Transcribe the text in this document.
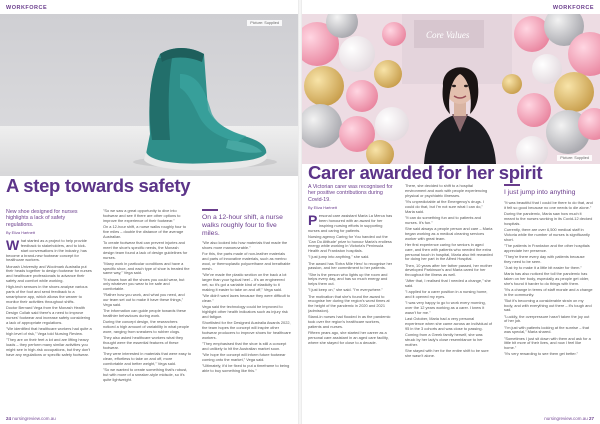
WORKFORCE
Picture: Supplied
A step towards safety

New shoe designed for nurses highlights a lack of safety regulations.

By Eliza Hartnett

What started as a project to help provide feedback to stakeholders, and to kick-start conversations in the industry, has become a brand-new footwear concept for healthcare workers.

Monash University and Woolmark Australia put their heads together to design footwear for nurses and healthcare professionals to advance their safety and comfort while working.

High-tech sensors in the shoes analyse various parts of the foot and send feedback to a smartphone app, which allows the wearer to monitor their activities throughout shifts.

Doctor Bernard Vega from the Monash Health Design Collab said there's a need to improve nurses' footwear and increase safety considering a lack of appropriate regulations.

"We identified that healthcare workers had quite a high level of risk," Vega told Nursing Review.

"They are on their feet a lot and are lifting heavy loads – they perform many similar activities you might see in high-risk occupations, but they don't have any regulations or specific safety footwear.

"So we saw a great opportunity to dive into footwear and see if there are other options to improve the experience of their footwear."

On a 12-hour shift, a nurse walks roughly four to five miles – double the distance of the average Australian.

To create footwear that can prevent injuries and meet the shoe's specific needs, the Monash design team found a lack of design guidelines for nurses.

"Many work in particular conditions and have a specific shoe, and each type of shoe is treated the same way," Vega said.

"It shows how all the shoes you could wear, but only whatever you wear to be safe and comfortable.

"Rather how you work, and what you need, and our team set out to make it have these things," Vega said.

The information can guide people towards these healthier behaviours during work.

During the concept design, the researchers noticed a high amount of variability in what people wore, ranging from sneakers to rubber clogs.

They also asked healthcare workers what they thought were the essential features of these footwear.

They were interested in materials that were easy to clean, effortless to take on and off, more comfortable and better weight," Vega said.

"So we wanted to create something that's robust, but with more of a sneaker-style midsole, so it's quite lightweight.

On a 12-hour shift, a nurse walks roughly four to five miles.

"We also looked into how materials that made the shoes more manoeuvrable."

For this, the parts made of non-leather materials and parts of innovative materials, such as merino wool, or thermoplastic polyurethane and breathable mesh.

"We've made the plastic section on the back a lot larger than your typical heel – it's an engineered net, so it's got a variable kind of elasticity to it making it easier to take on and off," Vega said.

"We didn't want laces because they were difficult to clean."

Vega said the technology could be improved to highlight other health indicators such as injury risk and fatigue.

Shortlisted for the Designed Australia Awards 2022, the team hopes the concept will inspire other footwear producers to improve shoes for healthcare workers.

"They emphasised that the shoe is still a concept and unlikely to hit the Australian market soon.

"We hope the concept will inform future footwear coming onto the market," Vega said.

"Ultimately, it'd be fixed to put a timeframe to being able to buy something like this."

24 nursingreview.com.au
WORKFORCE
Core Values
Picture: Supplied
Carer awarded for her spirit

A Victorian carer was recognised for her positive contributions during Covid-19.

By Eliza Hartnett

Personal care assistant Maria La Merca has been honoured with an award for her inspiring nursing efforts in supporting nurses and caring for patients.

Nursing agency Caring for You handed out the 'Can Do Attitude' prize to honour Maria's endless energy while working in Victoria's Peninsula Health and Frankston hospitals.

"I just jump into anything," she said.

The award has 'Extra Mile Hero' to recognise her passion, and her commitment to her patients.

"She is the person who lights up the room and helps every day, and has so much energy and helps them out.

"I just keep on," she said. "I'm everywhere."

The motivation that she's found the award to recognise her during the region's worst times at the height of the pandemic in 2020 and 2021 (admission).

Stand-in nurses had flooded in as the pandemic took over the region's healthcare workers, patients and nurses.

Fifteen years ago, she started her career as a personal care assistant in an aged care facility, where she stayed for close to a decade.

There, she decided to shift to a hospital environment and work with people experiencing physical or psychiatric illnesses.

"It's unpredictable at the Emergency's drugs. I could do that, but I'm not sure what I can do," Maria said.

"It can do something fun and to patients and nurses. It's fun."

She said always a people person and care – Maria began working as a medical cleaning services worker with great team.

Her first experience caring for seniors in aged care, and then with patients who needed the extra personal touch in hospital, Maria also felt rewarded for doing her part in the Alfred Hospital.

Then, 10 years after her father passed, her mother developed Parkinson's and Maria cared for her throughout the illness as well.

"After that, I realised that I needed a change," she said.

"I applied for a carer position in a nursing home, and it opened my eyes.

"I was very happy to go to work every morning, over the 12 years working as a carer. I knew it wasn't for me."

Last October, Maria had a very personal experience when she came across an individual of 95 in the 3 cohorts and was close to passing.

Coming from a Greek family herself, she was struck by her lady's close resemblance to her mother.

She stayed with her for the entire shift to be sure she wasn't alone.

I just jump into anything

"It was beautiful that I could be there to do that, and it felt so good because no one needs to die alone."

During the pandemic, Maria saw how much it meant to the nurses working in its Covid-12 decked hospitals.

Currently, there are over 6,500 medical staff in Victoria while the number of nurses is significantly short.

"The patients in Frankston and the other hospitals appreciate her presence.

"They're there every day with patients because they need to be seen.

"Just try to make it a little bit easier for them."

Maria has also noticed the toll the pandemic has taken on her body, especially as people get older, she's found it harder to do things with them.

"It's a change in terms of staff morale and a change in the community.

"But it's becoming a considerable strain on my body, and with everything out there – it's tough and sad.

"Luckily, the overpressure hasn't taken the joy out of her job.

"I'm just with patients looking at the sunrise – that was special," Maria shared.

"Sometimes I just sit down with them and ask for a little bit more of their lives, and now I feel like home."

"It's very rewarding to see them get better."

nursingreview.com.au 27
